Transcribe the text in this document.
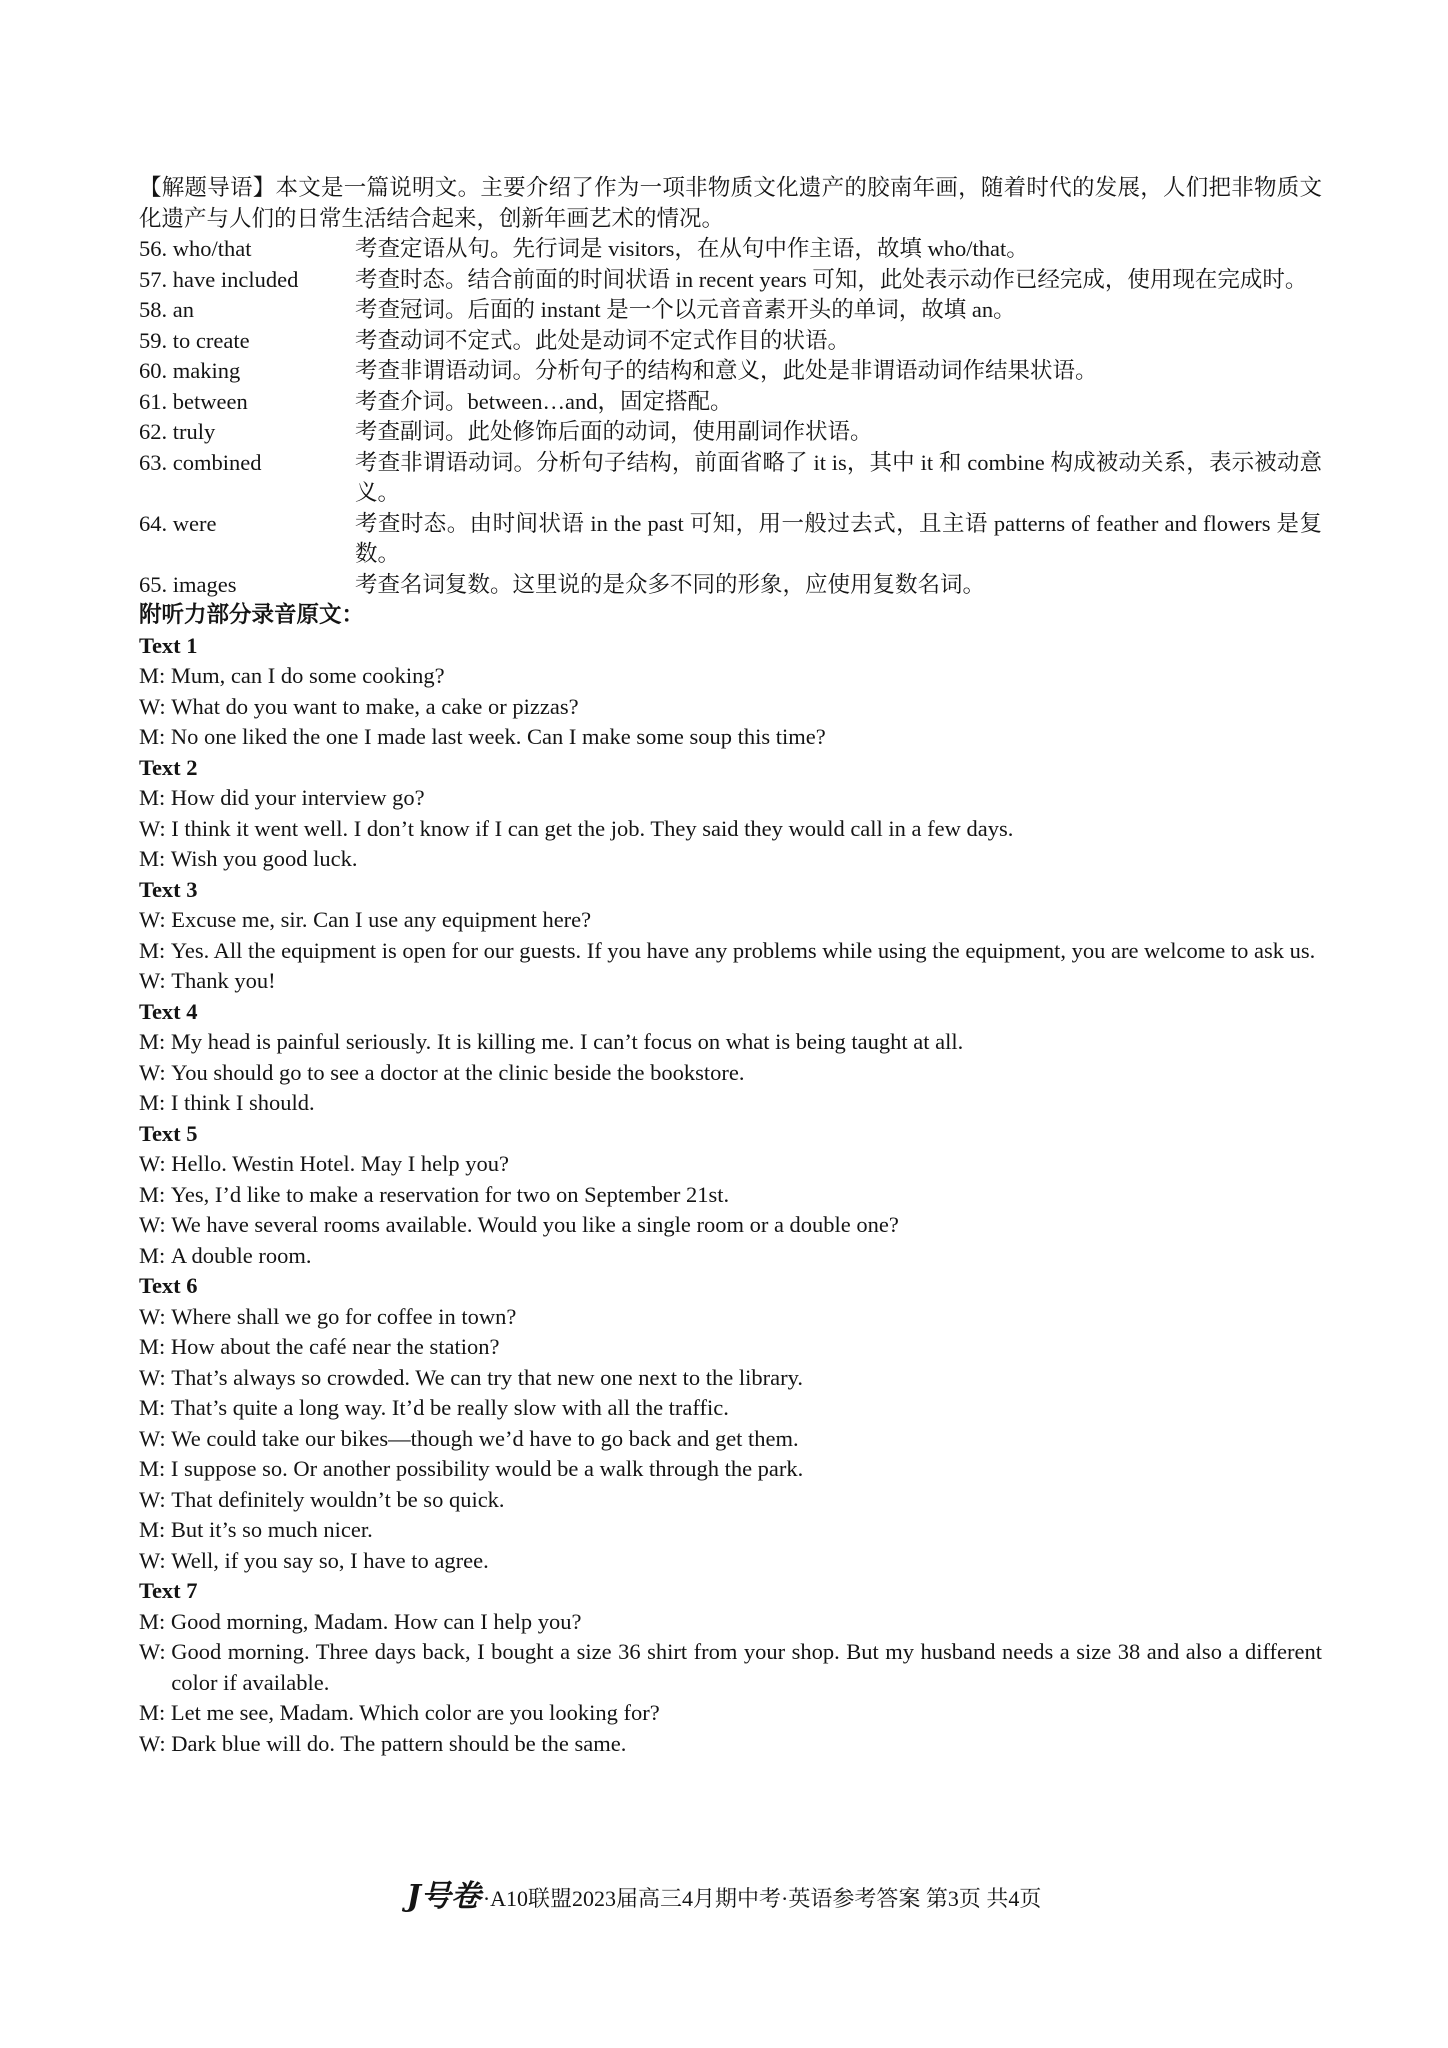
【解题导语】本文是一篇说明文。主要介绍了作为一项非物质文化遗产的胶南年画，随着时代的发展，人们把非物质文化遗产与人们的日常生活结合起来，创新年画艺术的情况。

56. who/that	考查定语从句。先行词是 visitors，在从句中作主语，故填 who/that。
57. have included	考查时态。结合前面的时间状语 in recent years 可知，此处表示动作已经完成，使用现在完成时。
58. an	考查冠词。后面的 instant 是一个以元音音素开头的单词，故填 an。
59. to create	考查动词不定式。此处是动词不定式作目的状语。
60. making	考查非谓语动词。分析句子的结构和意义，此处是非谓语动词作结果状语。
61. between	考查介词。between…and，固定搭配。
62. truly	考查副词。此处修饰后面的动词，使用副词作状语。
63. combined	考查非谓语动词。分析句子结构，前面省略了 it is，其中 it 和 combine 构成被动关系，表示被动意义。
64. were	考查时态。由时间状语 in the past 可知，用一般过去式，且主语 patterns of feather and flowers 是复数。
65. images	考查名词复数。这里说的是众多不同的形象，应使用复数名词。
附听力部分录音原文：
Text 1
M: Mum, can I do some cooking?
W: What do you want to make, a cake or pizzas?
M: No one liked the one I made last week. Can I make some soup this time?
Text 2
M: How did your interview go?
W: I think it went well. I don’t know if I can get the job. They said they would call in a few days.
M: Wish you good luck.
Text 3
W: Excuse me, sir. Can I use any equipment here?
M: Yes. All the equipment is open for our guests. If you have any problems while using the equipment, you are welcome to ask us.
W: Thank you!
Text 4
M: My head is painful seriously. It is killing me. I can’t focus on what is being taught at all.
W: You should go to see a doctor at the clinic beside the bookstore.
M: I think I should.
Text 5
W: Hello. Westin Hotel. May I help you?
M: Yes, I’d like to make a reservation for two on September 21st.
W: We have several rooms available. Would you like a single room or a double one?
M: A double room.
Text 6
W: Where shall we go for coffee in town?
M: How about the café near the station?
W: That’s always so crowded. We can try that new one next to the library.
M: That’s quite a long way. It’d be really slow with all the traffic.
W: We could take our bikes—though we’d have to go back and get them.
M: I suppose so. Or another possibility would be a walk through the park.
W: That definitely wouldn’t be so quick.
M: But it’s so much nicer.
W: Well, if you say so, I have to agree.
Text 7
M: Good morning, Madam. How can I help you?
W: Good morning. Three days back, I bought a size 36 shirt from your shop. But my husband needs a size 38 and also a different color if available.
M: Let me see, Madam. Which color are you looking for?
W: Dark blue will do. The pattern should be the same.
J号卷·A10联盟2023届高三4月期中考·英语参考答案 第3页 共4页
